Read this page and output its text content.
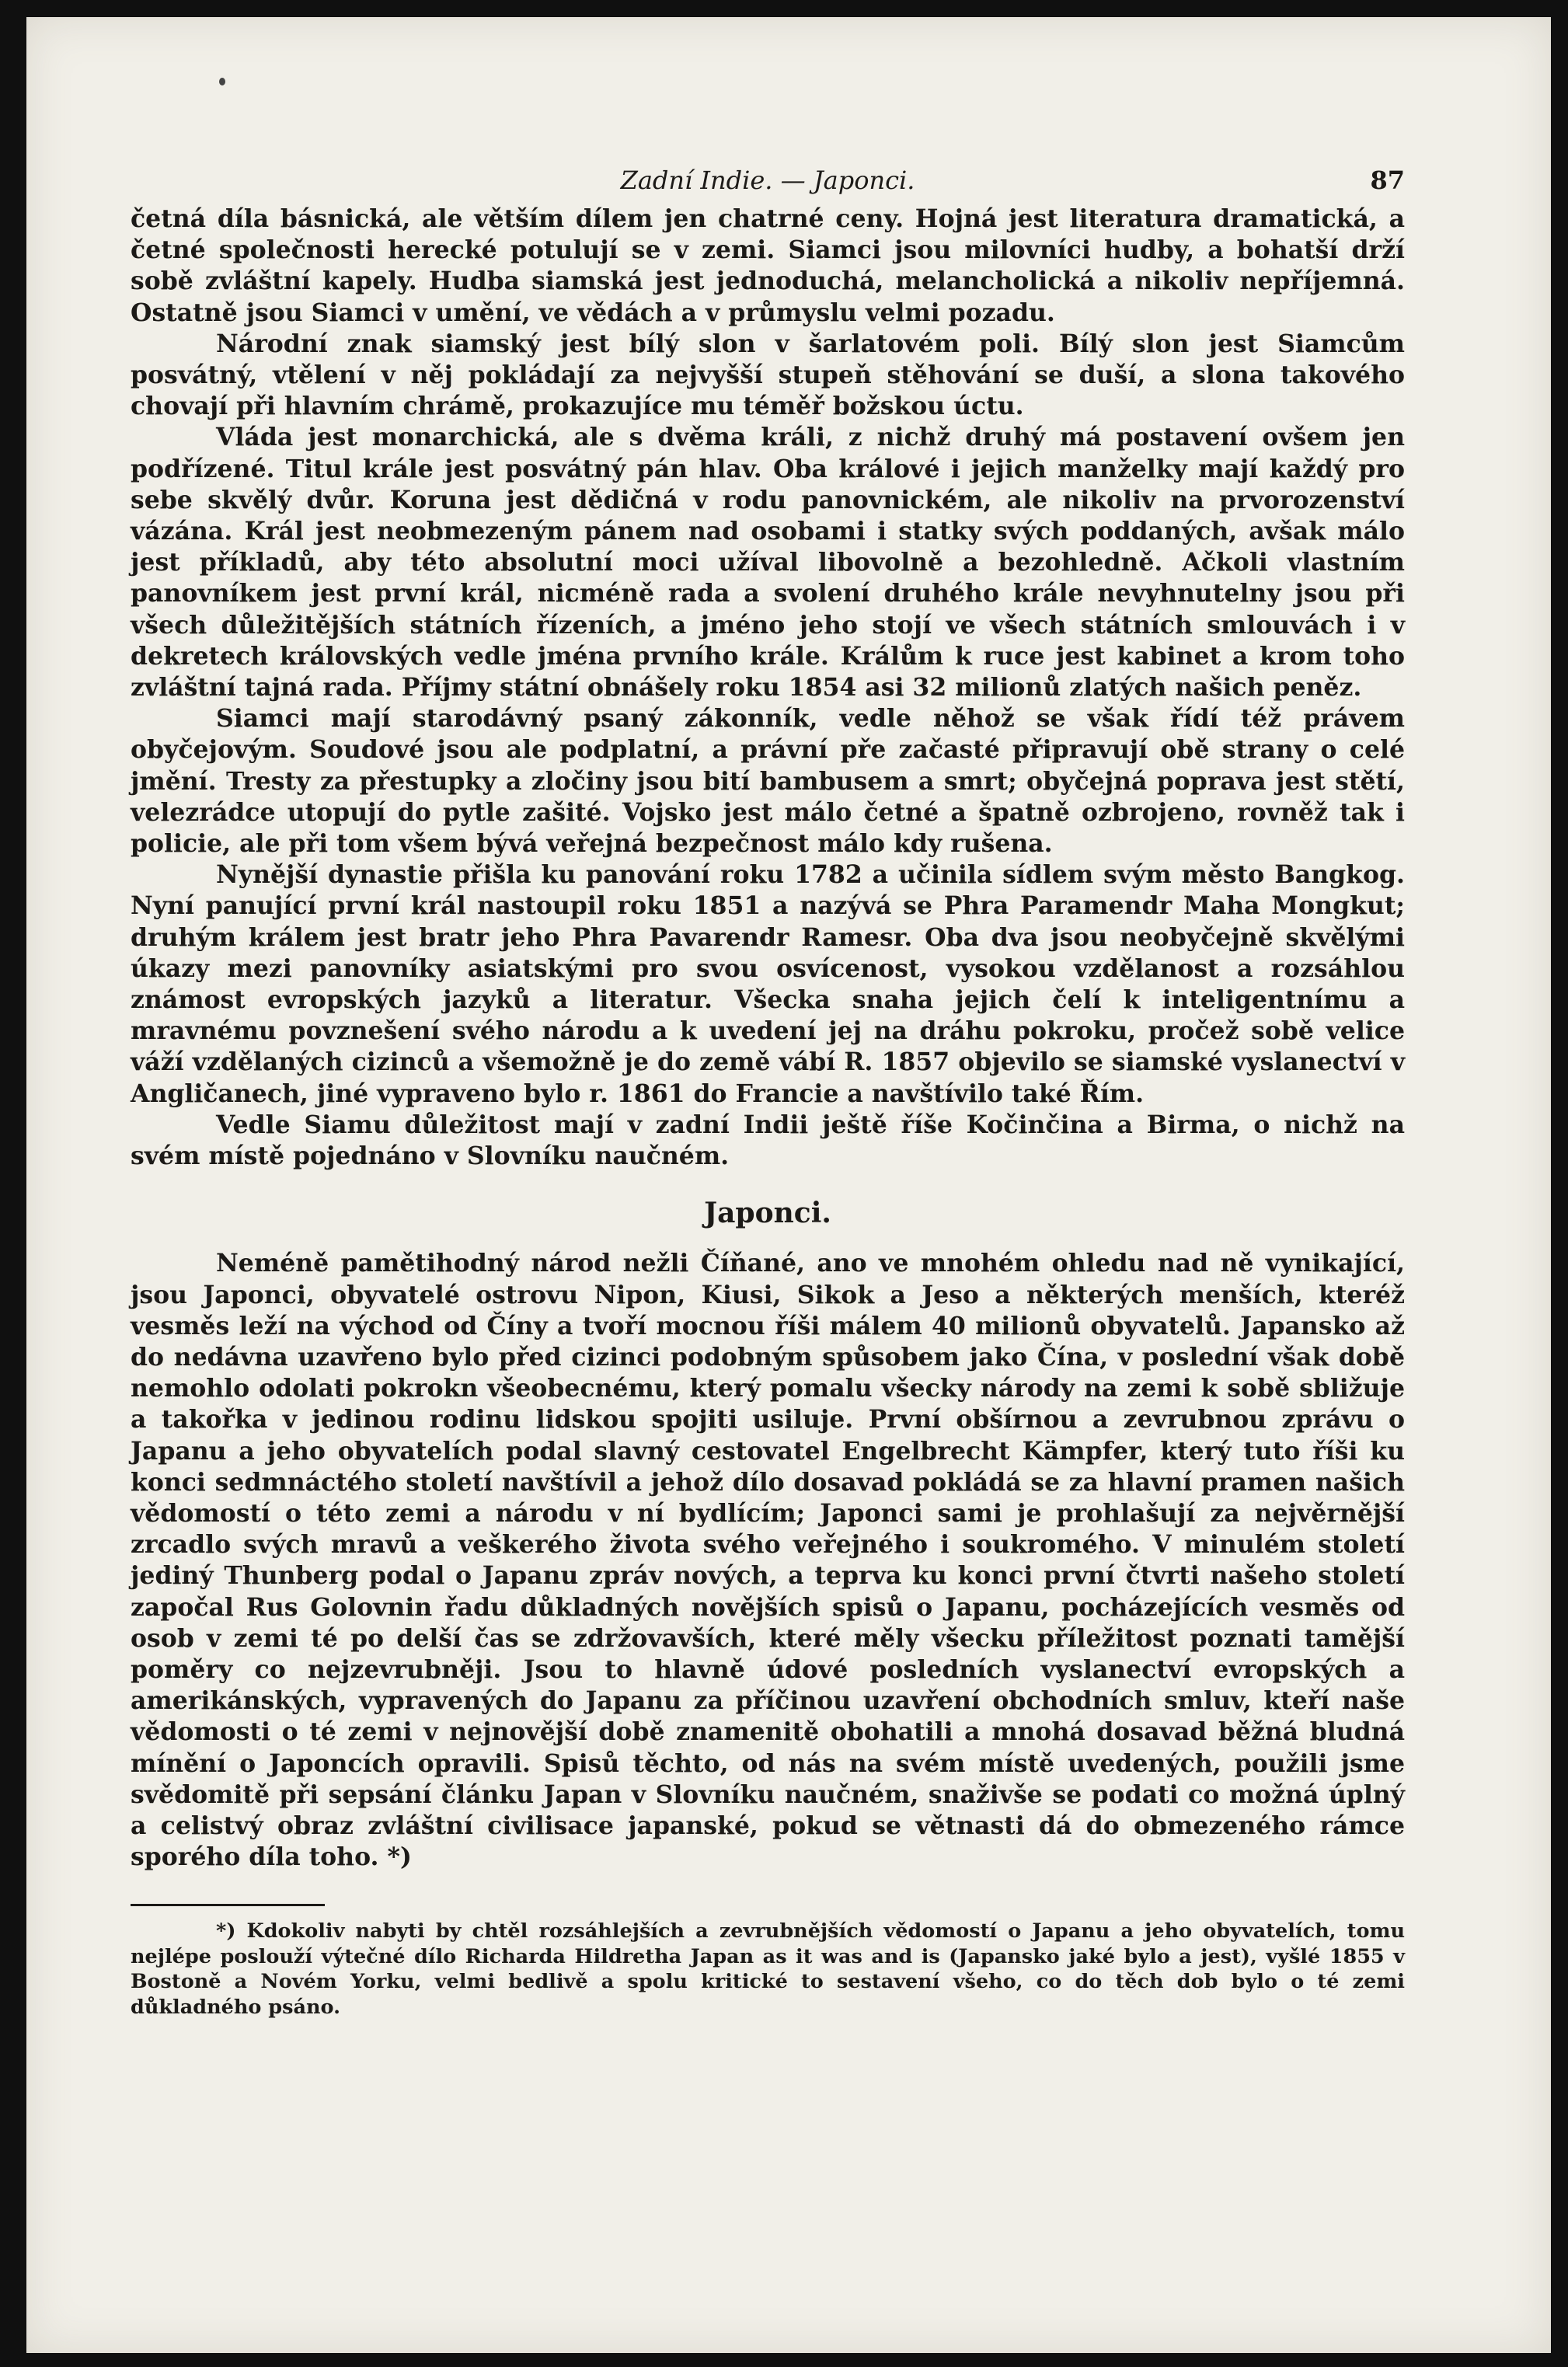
Zadní Indie. — Japonci.	87

četná díla básnická, ale větším dílem jen chatrné ceny. Hojná jest literatura dramatická, a četné společnosti herecké potulují se v zemi. Siamci jsou milovníci hudby, a bohatší drží sobě zvláštní kapely. Hudba siamská jest jednoduchá, melancholická a nikoliv nepříjemná. Ostatně jsou Siamci v umění, ve vědách a v průmyslu velmi pozadu.

Národní znak siamský jest bílý slon v šarlatovém poli. Bílý slon jest Siamcům posvátný, vtělení v něj pokládají za nejvyšší stupeň stěhování se duší, a slona takového chovají při hlavním chrámě, prokazujíce mu téměř božskou úctu.

Vláda jest monarchická, ale s dvěma králi, z nichž druhý má postavení ovšem jen podřízené. Titul krále jest posvátný pán hlav. Oba králové i jejich manželky mají každý pro sebe skvělý dvůr. Koruna jest dědičná v rodu panovnickém, ale nikoliv na prvorozenství vázána. Král jest neobmezeným pánem nad osobami i statky svých poddaných, avšak málo jest příkladů, aby této absolutní moci užíval libovolně a bezohledně. Ačkoli vlastním panovníkem jest první král, nicméně rada a svolení druhého krále nevyhnutelny jsou při všech důležitějších státních řízeních, a jméno jeho stojí ve všech státních smlouvách i v dekretech královských vedle jména prvního krále. Králům k ruce jest kabinet a krom toho zvláštní tajná rada. Příjmy státní obnášely roku 1854 asi 32 milionů zlatých našich peněz.

Siamci mají starodávný psaný zákonník, vedle něhož se však řídí též právem obyčejovým. Soudové jsou ale podplatní, a právní pře začasté připravují obě strany o celé jmění. Tresty za přestupky a zločiny jsou bití bambusem a smrt; obyčejná poprava jest stětí, velezrádce utopují do pytle zašité. Vojsko jest málo četné a špatně ozbrojeno, rovněž tak i policie, ale při tom všem bývá veřejná bezpečnost málo kdy rušena.

Nynější dynastie přišla ku panování roku 1782 a učinila sídlem svým město Bangkog. Nyní panující první král nastoupil roku 1851 a nazývá se Phra Paramendr Maha Mongkut; druhým králem jest bratr jeho Phra Pavarendr Ramesr. Oba dva jsou neobyčejně skvělými úkazy mezi panovníky asiatskými pro svou osvícenost, vysokou vzdělanost a rozsáhlou známost evropských jazyků a literatur. Všecka snaha jejich čelí k inteligentnímu a mravnému povznešení svého národu a k uvedení jej na dráhu pokroku, pročež sobě velice váží vzdělaných cizinců a všemožně je do země vábí R. 1857 objevilo se siamské vyslanectví v Angličanech, jiné vypraveno bylo r. 1861 do Francie a navštívilo také Řím.

Vedle Siamu důležitost mají v zadní Indii ještě říše Kočinčina a Birma, o nichž na svém místě pojednáno v Slovníku naučném.

Japonci.

Neméně pamětihodný národ nežli Číňané, ano ve mnohém ohledu nad ně vynikající, jsou Japonci, obyvatelé ostrovu Nipon, Kiusi, Sikok a Jeso a některých menších, kteréž vesměs leží na východ od Číny a tvoří mocnou říši málem 40 milionů obyvatelů. Japansko až do nedávna uzavřeno bylo před cizinci podobným spůsobem jako Čína, v poslední však době nemohlo odolati pokrokn všeobecnému, který pomalu všecky národy na zemi k sobě sbližuje a takořka v jedinou rodinu lidskou spojiti usiluje. První obšírnou a zevrubnou zprávu o Japanu a jeho obyvatelích podal slavný cestovatel Engelbrecht Kämpfer, který tuto říši ku konci sedmnáctého století navštívil a jehož dílo dosavad pokládá se za hlavní pramen našich vědomostí o této zemi a národu v ní bydlícím; Japonci sami je prohlašují za nejvěrnější zrcadlo svých mravů a veškerého života svého veřejného i soukromého. V minulém století jediný Thunberg podal o Japanu zpráv nových, a teprva ku konci první čtvrti našeho století započal Rus Golovnin řadu důkladných novějších spisů o Japanu, pocházejících vesměs od osob v zemi té po delší čas se zdržovavších, které měly všecku příležitost poznati tamější poměry co nejzevrubněji. Jsou to hlavně údové posledních vyslanectví evropských a amerikánských, vypravených do Japanu za příčinou uzavření obchodních smluv, kteří naše vědomosti o té zemi v nejnovější době znamenitě obohatili a mnohá dosavad běžná bludná mínění o Japoncích opravili. Spisů těchto, od nás na svém místě uvedených, použili jsme svědomitě při sepsání článku Japan v Slovníku naučném, snaživše se podati co možná úplný a celistvý obraz zvláštní civilisace japanské, pokud se větnasti dá do obmezeného rámce sporého díla toho. *)

*) Kdokoliv nabyti by chtěl rozsáhlejších a zevrubnějších vědomostí o Japanu a jeho obyvatelích, tomu nejlépe poslouží výtečné dílo Richarda Hildretha Japan as it was and is (Japansko jaké bylo a jest), vyšlé 1855 v Bostoně a Novém Yorku, velmi bedlivě a spolu kritické to sestavení všeho, co do těch dob bylo o té zemi důkladného psáno.
